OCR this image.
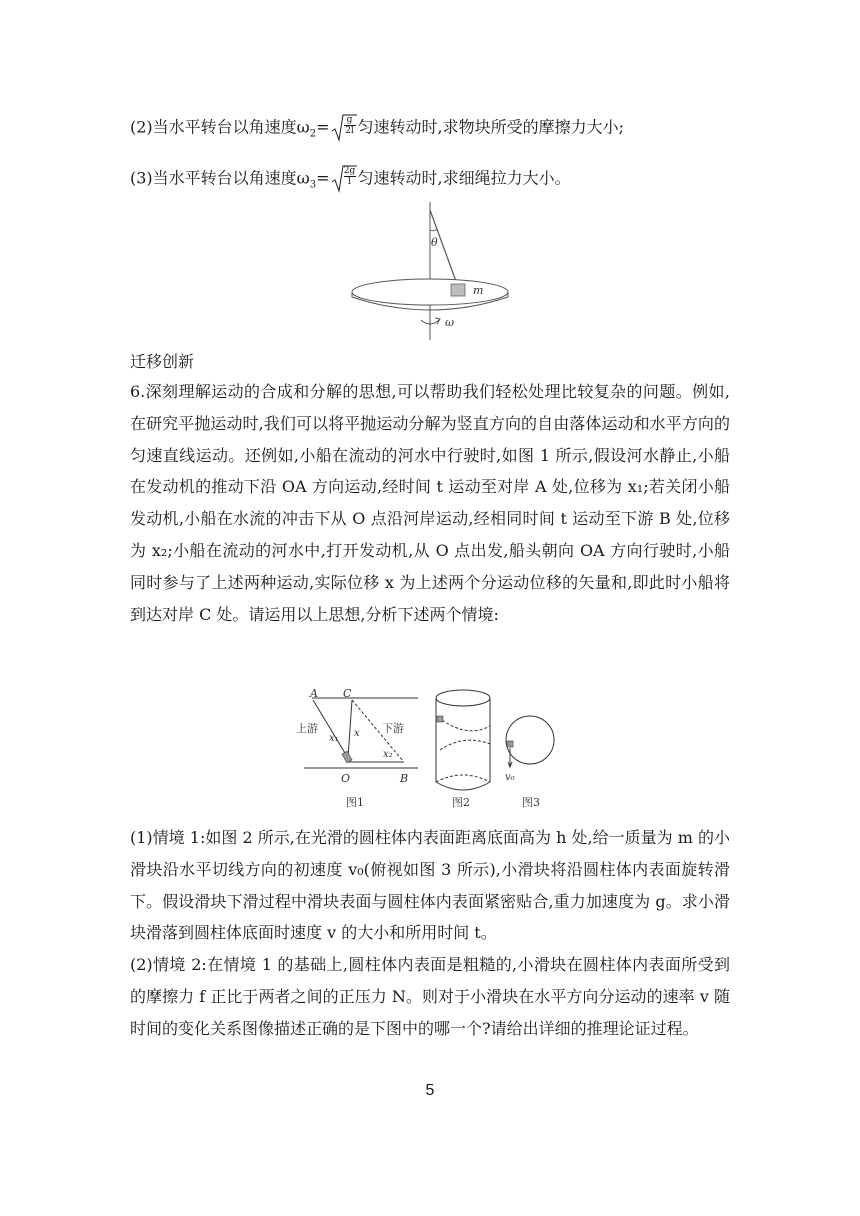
(2)当水平转台以角速度$\omega_2= \frac{g}{2l}$ 匀速转动时,求物块所受的摩擦力大小;
(3)当水平转台以角速度$\omega_3= \frac{2g}{l}$ 匀速转动时,求细绳拉力大小。
θ
m
ω
迁移创新
6.深刻理解运动的合成和分解的思想,可以帮助我们轻松处理比较复杂的问题。例如,在研究平抛运动时,我们可以将平抛运动分解为竖直方向的自由落体运动和水平方向的匀速直线运动。还例如,小船在流动的河水中行驶时,如图 1 所示,假设河水静止,小船在发动机的推动下沿 OA 方向运动,经时间 t 运动至对岸 A 处,位移为 x₁;若关闭小船发动机,小船在水流的冲击下从 O 点沿河岸运动,经相同时间 t 运动至下游 B 处,位移为 x₂;小船在流动的河水中,打开发动机,从 O 点出发,船头朝向 OA 方向行驶时,小船同时参与了上述两种运动,实际位移 x 为上述两个分运动位移的矢量和,即此时小船将到达对岸 C 处。请运用以上思想,分析下述两个情境:
A C
上游
x₁ x 下游
x₂
O	B
图1	图2
v₀
图3
(1)情境 1:如图 2 所示,在光滑的圆柱体内表面距离底面高为 h 处,给一质量为 m 的小滑块沿水平切线方向的初速度 v₀(俯视如图 3 所示),小滑块将沿圆柱体内表面旋转滑下。假设滑块下滑过程中滑块表面与圆柱体内表面紧密贴合,重力加速度为 g。求小滑块滑落到圆柱体底面时速度 v 的大小和所用时间 t。
(2)情境 2:在情境 1 的基础上,圆柱体内表面是粗糙的,小滑块在圆柱体内表面所受到的摩擦力 f 正比于两者之间的正压力 N。则对于小滑块在水平方向分运动的速率 v 随时间的变化关系图像描述正确的是下图中的哪一个?请给出详细的推理论证过程。
5
